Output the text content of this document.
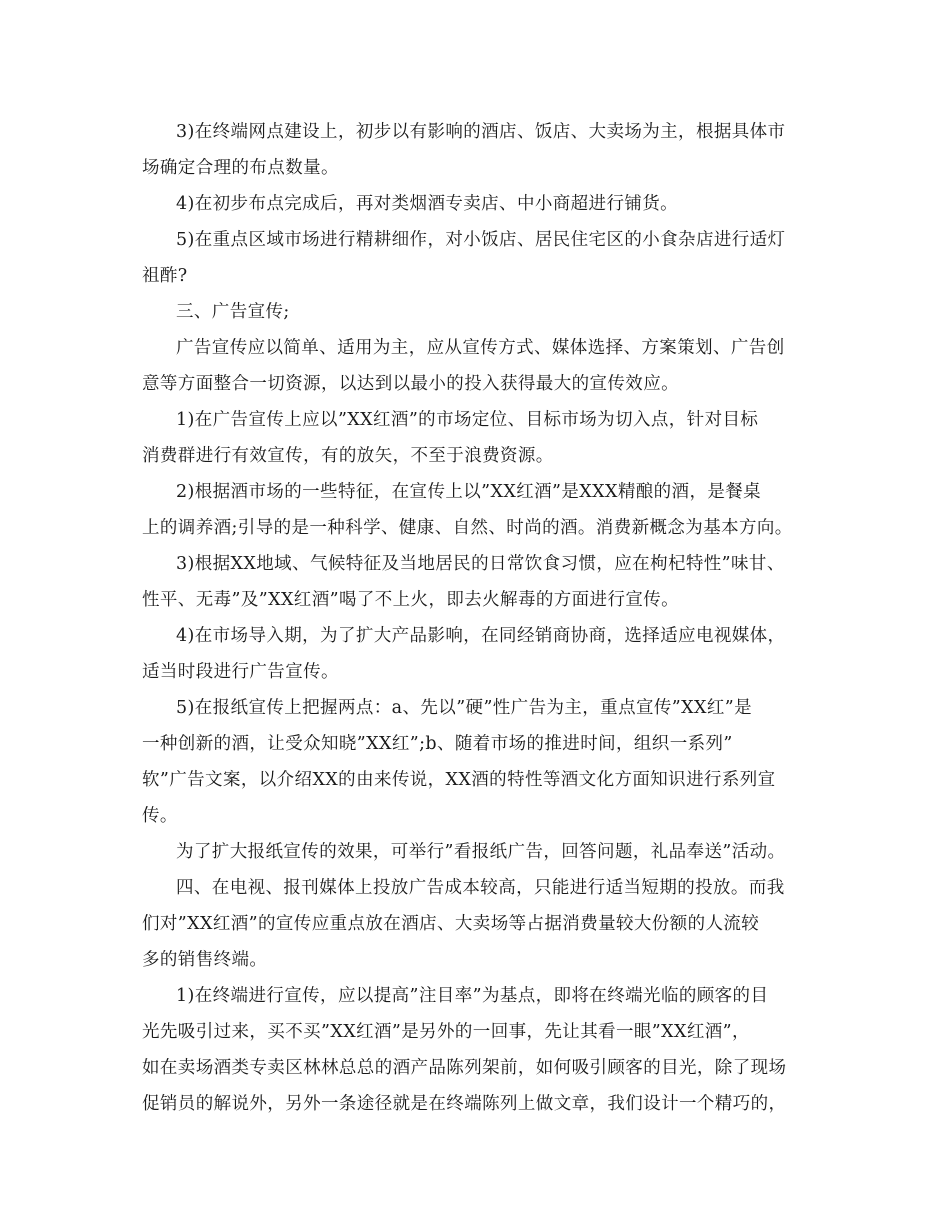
3)在终端网点建设上，初步以有影响的酒店、饭店、大卖场为主，根据具体市
场确定合理的布点数量。
4)在初步布点完成后，再对类烟酒专卖店、中小商超进行铺货。
5)在重点区域市场进行精耕细作，对小饭店、居民住宅区的小食杂店进行适灯
祖酢?
三、广告宣传;
广告宣传应以简单、适用为主，应从宣传方式、媒体选择、方案策划、广告创
意等方面整合一切资源，以达到以最小的投入获得最大的宣传效应。
1)在广告宣传上应以”XX红酒”的市场定位、目标市场为切入点，针对目标
消费群进行有效宣传，有的放矢，不至于浪费资源。
2)根据酒市场的一些特征，在宣传上以”XX红酒”是XXX精酿的酒，是餐桌
上的调养酒;引导的是一种科学、健康、自然、时尚的酒。消费新概念为基本方向。
3)根据XX地域、气候特征及当地居民的日常饮食习惯，应在枸杞特性”味甘、
性平、无毒”及”XX红酒”喝了不上火，即去火解毒的方面进行宣传。
4)在市场导入期，为了扩大产品影响，在同经销商协商，选择适应电视媒体，
适当时段进行广告宣传。
5)在报纸宣传上把握两点：a、先以”硬”性广告为主，重点宣传”XX红”是
一种创新的酒，让受众知晓”XX红”;b、随着市场的推进时间，组织一系列”
软”广告文案，以介绍XX的由来传说，XX酒的特性等酒文化方面知识进行系列宣
传。
为了扩大报纸宣传的效果，可举行”看报纸广告，回答问题，礼品奉送”活动。
四、在电视、报刊媒体上投放广告成本较高，只能进行适当短期的投放。而我
们对”XX红酒”的宣传应重点放在酒店、大卖场等占据消费量较大份额的人流较
多的销售终端。
1)在终端进行宣传，应以提高”注目率”为基点，即将在终端光临的顾客的目
光先吸引过来，买不买”XX红酒”是另外的一回事，先让其看一眼”XX红酒”，
如在卖场酒类专卖区林林总总的酒产品陈列架前，如何吸引顾客的目光，除了现场
促销员的解说外，另外一条途径就是在终端陈列上做文章，我们设计一个精巧的，
